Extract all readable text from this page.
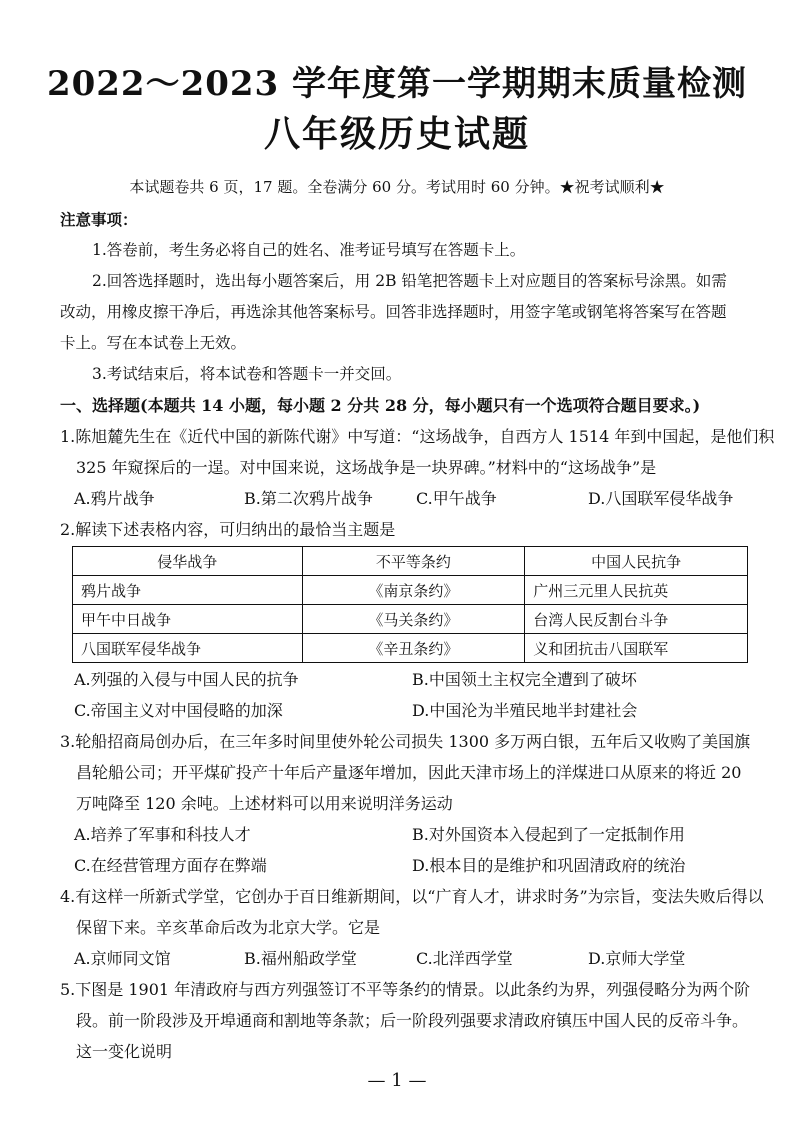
2022～2023 学年度第一学期期末质量检测
八年级历史试题
本试题卷共 6 页，17 题。全卷满分 60 分。考试用时 60 分钟。★祝考试顺利★

注意事项：

1.答卷前，考生务必将自己的姓名、准考证号填写在答题卡上。

2.回答选择题时，选出每小题答案后，用 2B 铅笔把答题卡上对应题目的答案标号涂黑。如需

改动，用橡皮擦干净后，再选涂其他答案标号。回答非选择题时，用签字笔或钢笔将答案写在答题

卡上。写在本试卷上无效。

3.考试结束后，将本试卷和答题卡一并交回。

一、选择题(本题共 14 小题，每小题 2 分共 28 分，每小题只有一个选项符合题目要求。)

1.陈旭麓先生在《近代中国的新陈代谢》中写道：“这场战争，自西方人 1514 年到中国起，是他们积

325 年窥探后的一逞。对中国来说，这场战争是一块界碑。”材料中的“这场战争”是

A.鸦片战争	B.第二次鸦片战争	C.甲午战争	D.八国联军侵华战争

2.解读下述表格内容，可归纳出的最恰当主题是

侵华战争	不平等条约	中国人民抗争
鸦片战争	《南京条约》	广州三元里人民抗英
甲午中日战争	《马关条约》	台湾人民反割台斗争
八国联军侵华战争	《辛丑条约》	义和团抗击八国联军
A.列强的入侵与中国人民的抗争	B.中国领土主权完全遭到了破坏
C.帝国主义对中国侵略的加深	D.中国沦为半殖民地半封建社会

3.轮船招商局创办后，在三年多时间里使外轮公司损失 1300 多万两白银，五年后又收购了美国旗

昌轮船公司；开平煤矿投产十年后产量逐年增加，因此天津市场上的洋煤进口从原来的将近 20

万吨降至 120 余吨。上述材料可以用来说明洋务运动

A.培养了军事和科技人才	B.对外国资本入侵起到了一定抵制作用
C.在经营管理方面存在弊端	D.根本目的是维护和巩固清政府的统治

4.有这样一所新式学堂，它创办于百日维新期间，以“广育人才，讲求时务”为宗旨，变法失败后得以

保留下来。辛亥革命后改为北京大学。它是

A.京师同文馆	B.福州船政学堂	C.北洋西学堂	D.京师大学堂

5.下图是 1901 年清政府与西方列强签订不平等条约的情景。以此条约为界，列强侵略分为两个阶

段。前一阶段涉及开埠通商和割地等条款；后一阶段列强要求清政府镇压中国人民的反帝斗争。

这一变化说明

— 1 —
